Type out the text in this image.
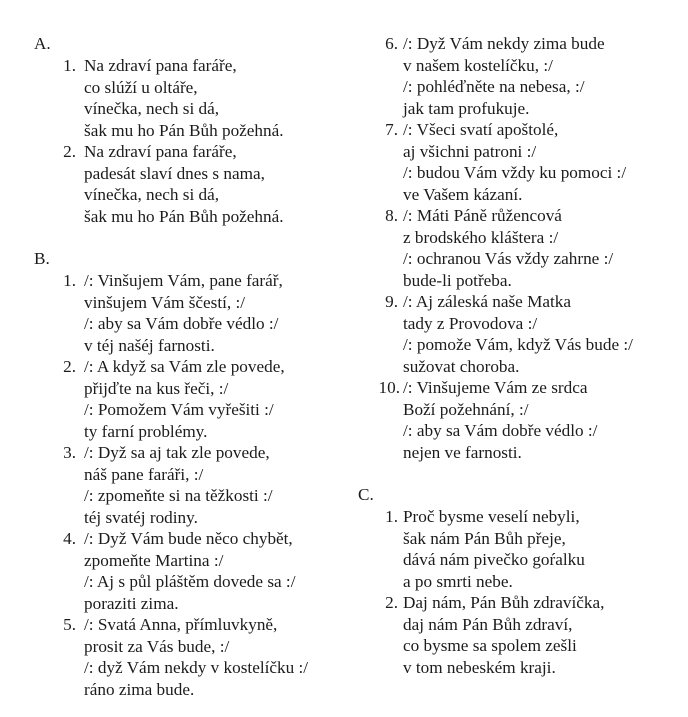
A.
1. Na zdraví pana faráře,
co slúží u oltáře,
vínečka, nech si dá,
šak mu ho Pán Bůh požehná.
2. Na zdraví pana faráře,
padesát slaví dnes s nama,
vínečka, nech si dá,
šak mu ho Pán Bůh požehná.
B.
1. /: Vinšujem Vám, pane farář,
vinšujem Vám ščestí, :/
/: aby sa Vám dobře védlo :/
v téj našéj farnosti.
2. /: A když sa Vám zle povede,
přijďte na kus řeči, :/
/: Pomožem Vám vyřešiti :/
ty farní problémy.
3. /: Dyž sa aj tak zle povede,
náš pane faráři, :/
/: zpomeňte si na těžkosti :/
téj svatéj rodiny.
4. /: Dyž Vám bude něco chybět,
zpomeňte Martina :/
/: Aj s půl pláštěm dovede sa :/
poraziti zima.
5. /: Svatá Anna, přímluvkyně,
prosit za Vás bude, :/
/: dyž Vám nekdy v kostelíčku :/
ráno zima bude.
6. /: Dyž Vám nekdy zima bude
v našem kostelíčku, :/
/: pohléďněte na nebesa, :/
jak tam profukuje.
7. /: Všeci svatí apoštolé,
aj všichni patroni :/
/: budou Vám vždy ku pomoci :/
ve Vašem kázaní.
8. /: Máti Páně růžencová
z brodského kláštera :/
/: ochranou Vás vždy zahrne :/
bude-li potřeba.
9. /: Aj záleská naše Matka
tady z Provodova :/
/: pomože Vám, když Vás bude :/
sužovat choroba.
10. /: Vinšujeme Vám ze srdca
Boží požehnání, :/
/: aby sa Vám dobře védlo :/
nejen ve farnosti.
C.
1. Proč bysme veselí nebyli,
šak nám Pán Bůh přeje,
dává nám pivečko goŕalku
a po smrti nebe.
2. Daj nám, Pán Bůh zdravíčka,
daj nám Pán Bůh zdraví,
co bysme sa spolem zešli
v tom nebeském kraji.
